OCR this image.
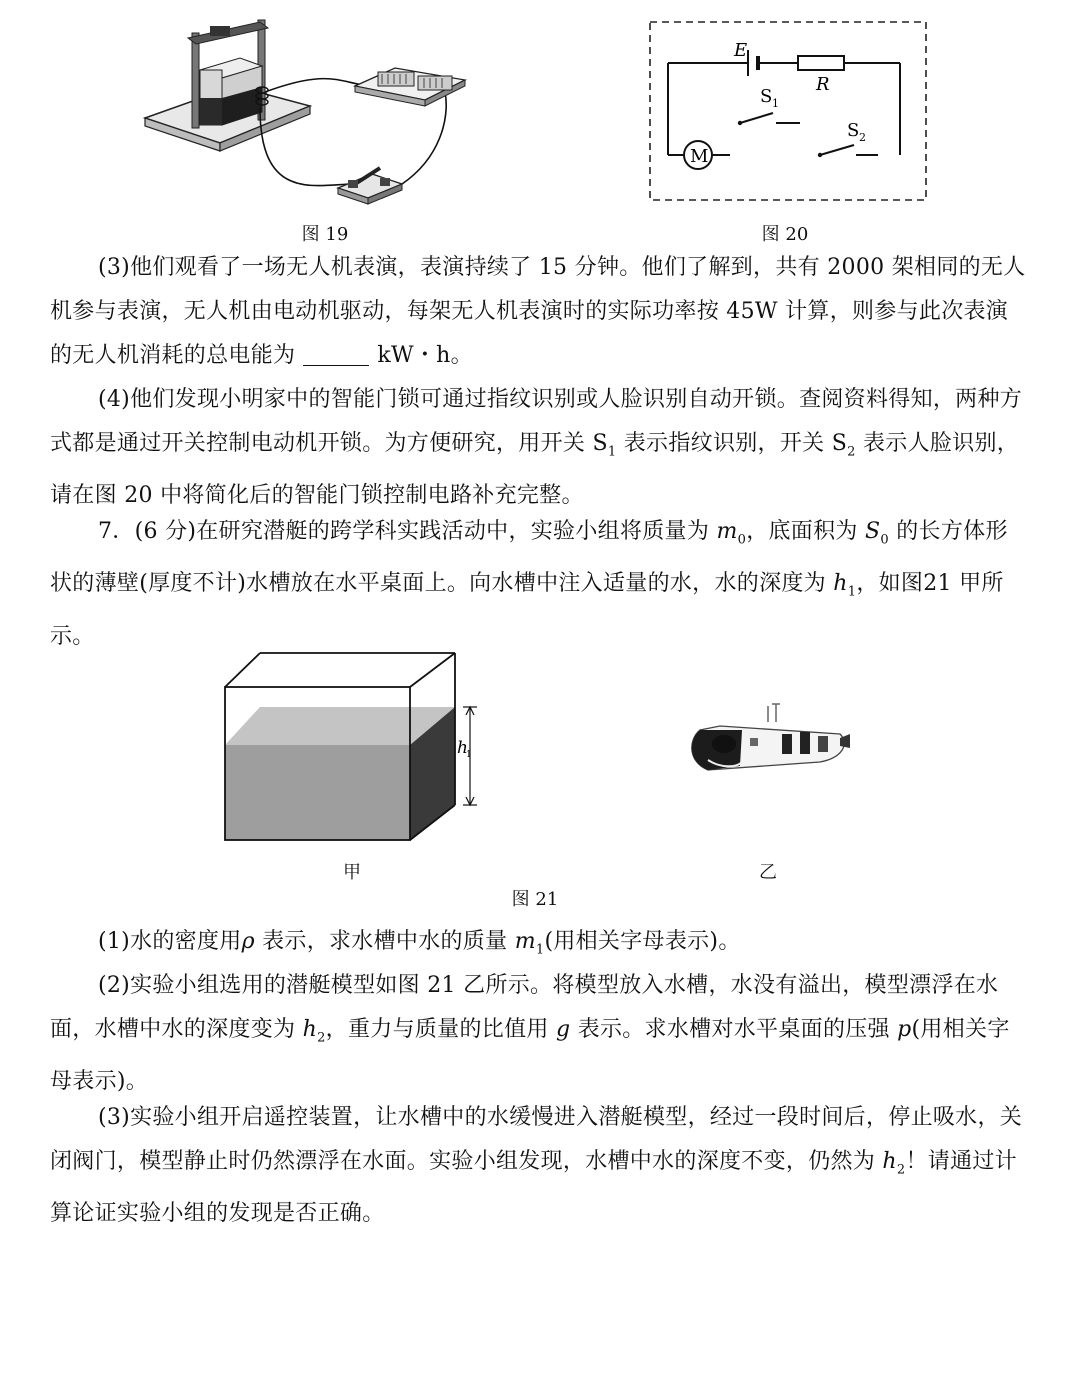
图 19
E
R
S 1
S 2
M
图 20

(3)他们观看了一场无人机表演，表演持续了 15 分钟。他们了解到，共有 2000 架相同的无人机参与表演，无人机由电动机驱动，每架无人机表演时的实际功率按 45W 计算，则参与此次表演的无人机消耗的总电能为	kW・h。

(4)他们发现小明家中的智能门锁可通过指纹识别或人脸识别自动开锁。查阅资料得知，两种方式都是通过开关控制电动机开锁。为方便研究，用开关 $S_1$ 表示指纹识别，开关 $S_2$ 表示人脸识别，请在图 20 中将简化后的智能门锁控制电路补充完整。

7．(6 分)在研究潜艇的跨学科实践活动中，实验小组将质量为 $m_0$，底面积为 $S_0$ 的长方体形状的薄壁(厚度不计)水槽放在水平桌面上。向水槽中注入适量的水，水的深度为 $h_1$，如图21 甲所示。

h
1
甲	乙
图 21

(1)水的密度用ρ 表示，求水槽中水的质量 $m_1$(用相关字母表示)。

(2)实验小组选用的潜艇模型如图 21 乙所示。将模型放入水槽，水没有溢出，模型漂浮在水面，水槽中水的深度变为 $h_2$，重力与质量的比值用 g 表示。求水槽对水平桌面的压强 p(用相关字母表示)。

(3)实验小组开启遥控装置，让水槽中的水缓慢进入潜艇模型，经过一段时间后，停止吸水，关闭阀门，模型静止时仍然漂浮在水面。实验小组发现，水槽中水的深度不变，仍然为 $h_2$！请通过计算论证实验小组的发现是否正确。
